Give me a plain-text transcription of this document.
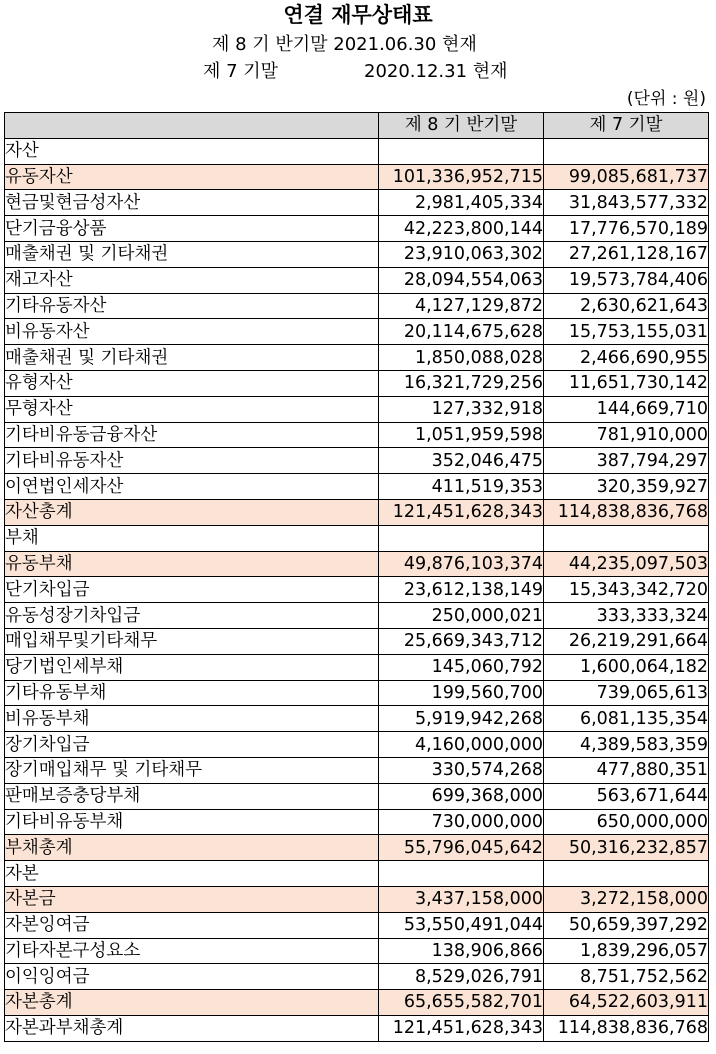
연결 재무상태표
제 8 기 반기말 2021.06.30 현재
제 7 기말	2020.12.31 현재
(단위 : 원)
	제 8 기 반기말	제 7 기말
자산		
유동자산	101,336,952,715	99,085,681,737
현금및현금성자산	2,981,405,334	31,843,577,332
단기금융상품	42,223,800,144	17,776,570,189
매출채권 및 기타채권	23,910,063,302	27,261,128,167
재고자산	28,094,554,063	19,573,784,406
기타유동자산	4,127,129,872	2,630,621,643
비유동자산	20,114,675,628	15,753,155,031
매출채권 및 기타채권	1,850,088,028	2,466,690,955
유형자산	16,321,729,256	11,651,730,142
무형자산	127,332,918	144,669,710
기타비유동금융자산	1,051,959,598	781,910,000
기타비유동자산	352,046,475	387,794,297
이연법인세자산	411,519,353	320,359,927
자산총계	121,451,628,343	114,838,836,768
부채		
유동부채	49,876,103,374	44,235,097,503
단기차입금	23,612,138,149	15,343,342,720
유동성장기차입금	250,000,021	333,333,324
매입채무및기타채무	25,669,343,712	26,219,291,664
당기법인세부채	145,060,792	1,600,064,182
기타유동부채	199,560,700	739,065,613
비유동부채	5,919,942,268	6,081,135,354
장기차입금	4,160,000,000	4,389,583,359
장기매입채무 및 기타채무	330,574,268	477,880,351
판매보증충당부채	699,368,000	563,671,644
기타비유동부채	730,000,000	650,000,000
부채총계	55,796,045,642	50,316,232,857
자본		
자본금	3,437,158,000	3,272,158,000
자본잉여금	53,550,491,044	50,659,397,292
기타자본구성요소	138,906,866	1,839,296,057
이익잉여금	8,529,026,791	8,751,752,562
자본총계	65,655,582,701	64,522,603,911
자본과부채총계	121,451,628,343	114,838,836,768
